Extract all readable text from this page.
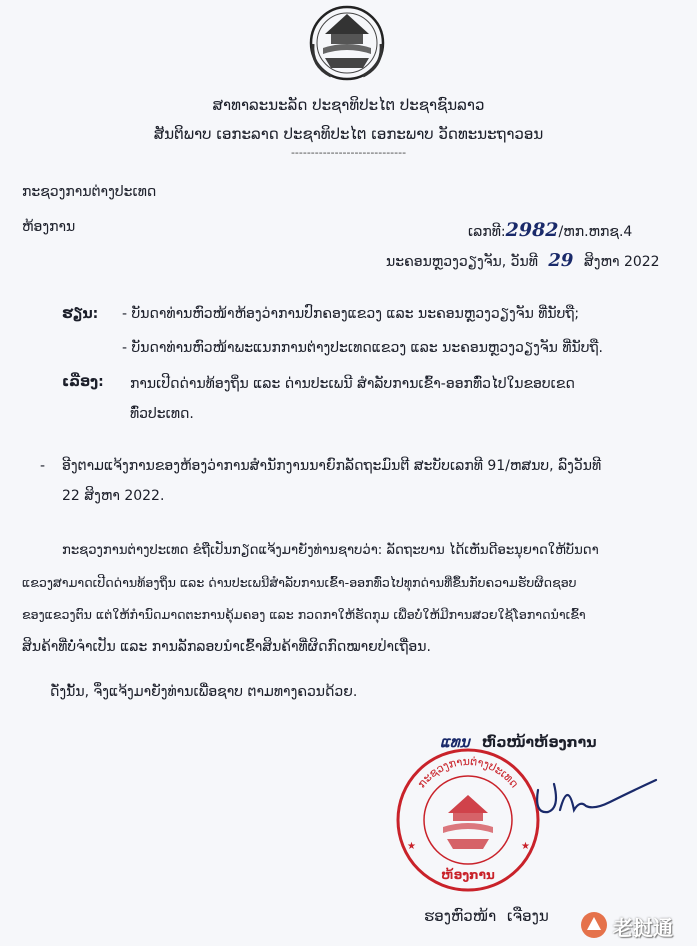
ສາທາລະນະລັດ ປະຊາທິປະໄຕ ປະຊາຊົນລາວ
ສັນຕິພາບ ເອກະລາດ ປະຊາທິປະໄຕ ເອກະພາບ ວັດທະນະຖາວອນ
-----------------------------
ກະຊວງການຕ່າງປະເທດ
ຫ້ອງການ	ເລກທີ:2982/ຫກ.ຫກຊ.4
ນະຄອນຫຼວງວຽງຈັນ, ວັນທີ 29 ສິງຫາ 2022
ຮຽນ: - ບັນດາທ່ານຫົວໜ້າຫ້ອງວ່າການປົກຄອງແຂວງ ແລະ ນະຄອນຫຼວງວຽງຈັນ ທີ່ນັບຖື;
- ບັນດາທ່ານຫົວໜ້າພະແນກການຕ່າງປະເທດແຂວງ ແລະ ນະຄອນຫຼວງວຽງຈັນ ທີ່ນັບຖື.
ເລື່ອງ: ການເປີດດ່ານທ້ອງຖິ່ນ ແລະ ດ່ານປະເພນີ ສໍາລັບການເຂົ້າ-ອອກທົ່ວໄປໃນຂອບເຂດ
ທົ່ວປະເທດ.
- ອີງຕາມແຈ້ງການຂອງຫ້ອງວ່າການສໍານັກງານນາຍົກລັດຖະມົນຕີ ສະບັບເລກທີ 91/ຫສນບ, ລົງວັນທີ
22 ສິງຫາ 2022.
ກະຊວງການຕ່າງປະເທດ ຂໍຖືເປັນກຽດແຈ້ງມາຍັງທ່ານຊາບວ່າ: ລັດຖະບານ ໄດ້ເຫັນດີອະນຸຍາດໃຫ້ບັນດາ
ແຂວງສາມາດເປີດດ່ານທ້ອງຖິ່ນ ແລະ ດ່ານປະເພນີສໍາລັບການເຂົ້າ-ອອກທົ່ວໄປທຸກດ່ານທີ່ຂຶ້ນກັບຄວາມຮັບຜິດຊອບ
ຂອງແຂວງຕົນ ແຕ່ໃຫ້ກໍານົດມາດຕະການຄຸ້ມຄອງ ແລະ ກວດກາໃຫ້ຮັດກຸມ ເພື່ອບໍ່ໃຫ້ມີການສວຍໃຊ້ໂອກາດນໍາເຂົ້າ
ສິນຄ້າທີ່ບໍ່ຈໍາເປັນ ແລະ ການລັກລອບນໍາເຂົ້າສິນຄ້າທີ່ຜິດກົດໝາຍປ່າເຖື່ອນ.
ດັ່ງນັ້ນ, ຈຶ່ງແຈ້ງມາຍັງທ່ານເພື່ອຊາບ ຕາມທາງຄວນດ້ວຍ.
ແທນ ຫົວໜ້າຫ້ອງການ
ກະຊວງການຕ່າງປະເທດ
ຫ້ອງການ
★	★
ຮອງຫົວໜ້າ ເຈືອງນ	老挝通
